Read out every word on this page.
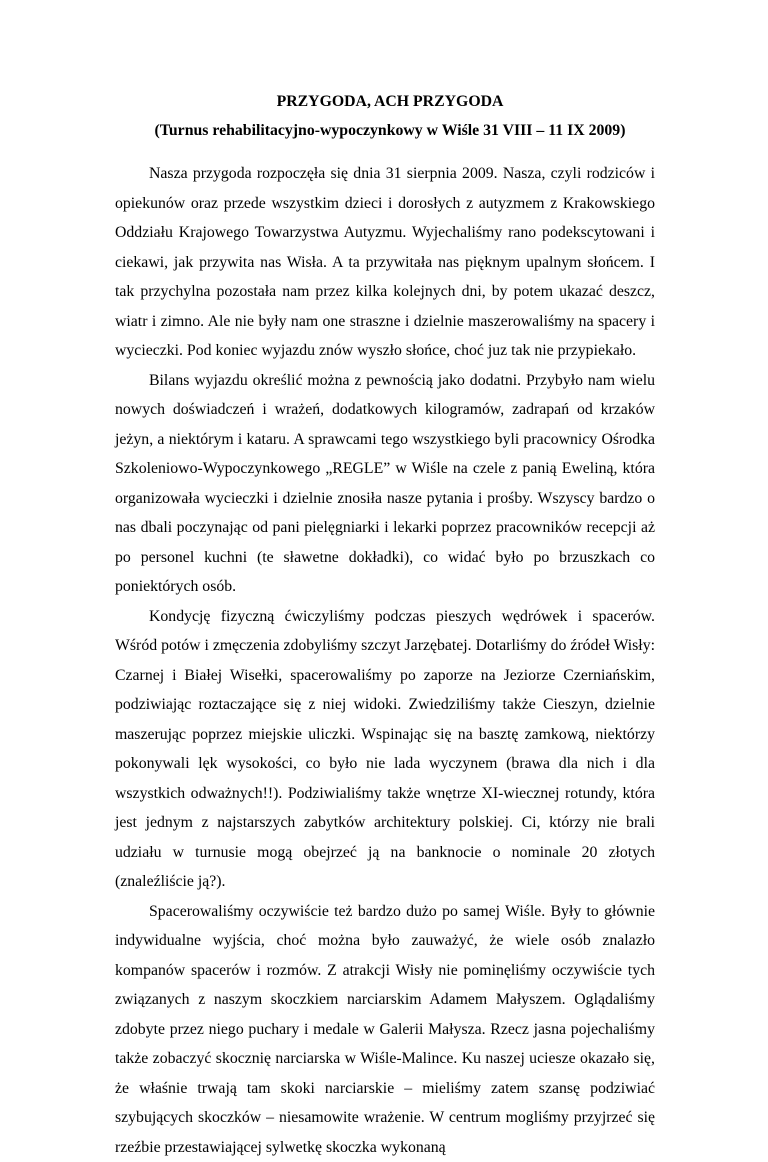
PRZYGODA, ACH PRZYGODA
(Turnus rehabilitacyjno-wypoczynkowy w Wiśle 31 VIII – 11 IX 2009)

Nasza przygoda rozpoczęła się dnia 31 sierpnia 2009. Nasza, czyli rodziców i opiekunów oraz przede wszystkim dzieci i dorosłych z autyzmem z Krakowskiego Oddziału Krajowego Towarzystwa Autyzmu. Wyjechaliśmy rano podekscytowani i ciekawi, jak przywita nas Wisła. A ta przywitała nas pięknym upalnym słońcem. I tak przychylna pozostała nam przez kilka kolejnych dni, by potem ukazać deszcz, wiatr i zimno. Ale nie były nam one straszne i dzielnie maszerowaliśmy na spacery i wycieczki. Pod koniec wyjazdu znów wyszło słońce, choć juz tak nie przypiekało.

Bilans wyjazdu określić można z pewnością jako dodatni. Przybyło nam wielu nowych doświadczeń i wrażeń, dodatkowych kilogramów, zadrapań od krzaków jeżyn, a niektórym i kataru. A sprawcami tego wszystkiego byli pracownicy Ośrodka Szkoleniowo-Wypoczynkowego „REGLE” w Wiśle na czele z panią Eweliną, która organizowała wycieczki i dzielnie znosiła nasze pytania i prośby. Wszyscy bardzo o nas dbali poczynając od pani pielęgniarki i lekarki poprzez pracowników recepcji aż po personel kuchni (te sławetne dokładki), co widać było po brzuszkach co poniektórych osób.

Kondycję fizyczną ćwiczyliśmy podczas pieszych wędrówek i spacerów. Wśród potów i zmęczenia zdobyliśmy szczyt Jarzębatej. Dotarliśmy do źródeł Wisły: Czarnej i Białej Wisełki, spacerowaliśmy po zaporze na Jeziorze Czerniańskim, podziwiając roztaczające się z niej widoki. Zwiedziliśmy także Cieszyn, dzielnie maszerując poprzez miejskie uliczki. Wspinając się na basztę zamkową, niektórzy pokonywali lęk wysokości, co było nie lada wyczynem (brawa dla nich i dla wszystkich odważnych!!). Podziwialiśmy także wnętrze XI-wiecznej rotundy, która jest jednym z najstarszych zabytków architektury polskiej. Ci, którzy nie brali udziału w turnusie mogą obejrzeć ją na banknocie o nominale 20 złotych (znaleźliście ją?).

Spacerowaliśmy oczywiście też bardzo dużo po samej Wiśle. Były to głównie indywidualne wyjścia, choć można było zauważyć, że wiele osób znalazło kompanów spacerów i rozmów. Z atrakcji Wisły nie pominęliśmy oczywiście tych związanych z naszym skoczkiem narciarskim Adamem Małyszem. Oglądaliśmy zdobyte przez niego puchary i medale w Galerii Małysza. Rzecz jasna pojechaliśmy także zobaczyć skocznię narciarska w Wiśle-Malince. Ku naszej uciesze okazało się, że właśnie trwają tam skoki narciarskie – mieliśmy zatem szansę podziwiać szybujących skoczków – niesamowite wrażenie. W centrum mogliśmy przyjrzeć się rzeźbie przestawiającej sylwetkę skoczka wykonaną
